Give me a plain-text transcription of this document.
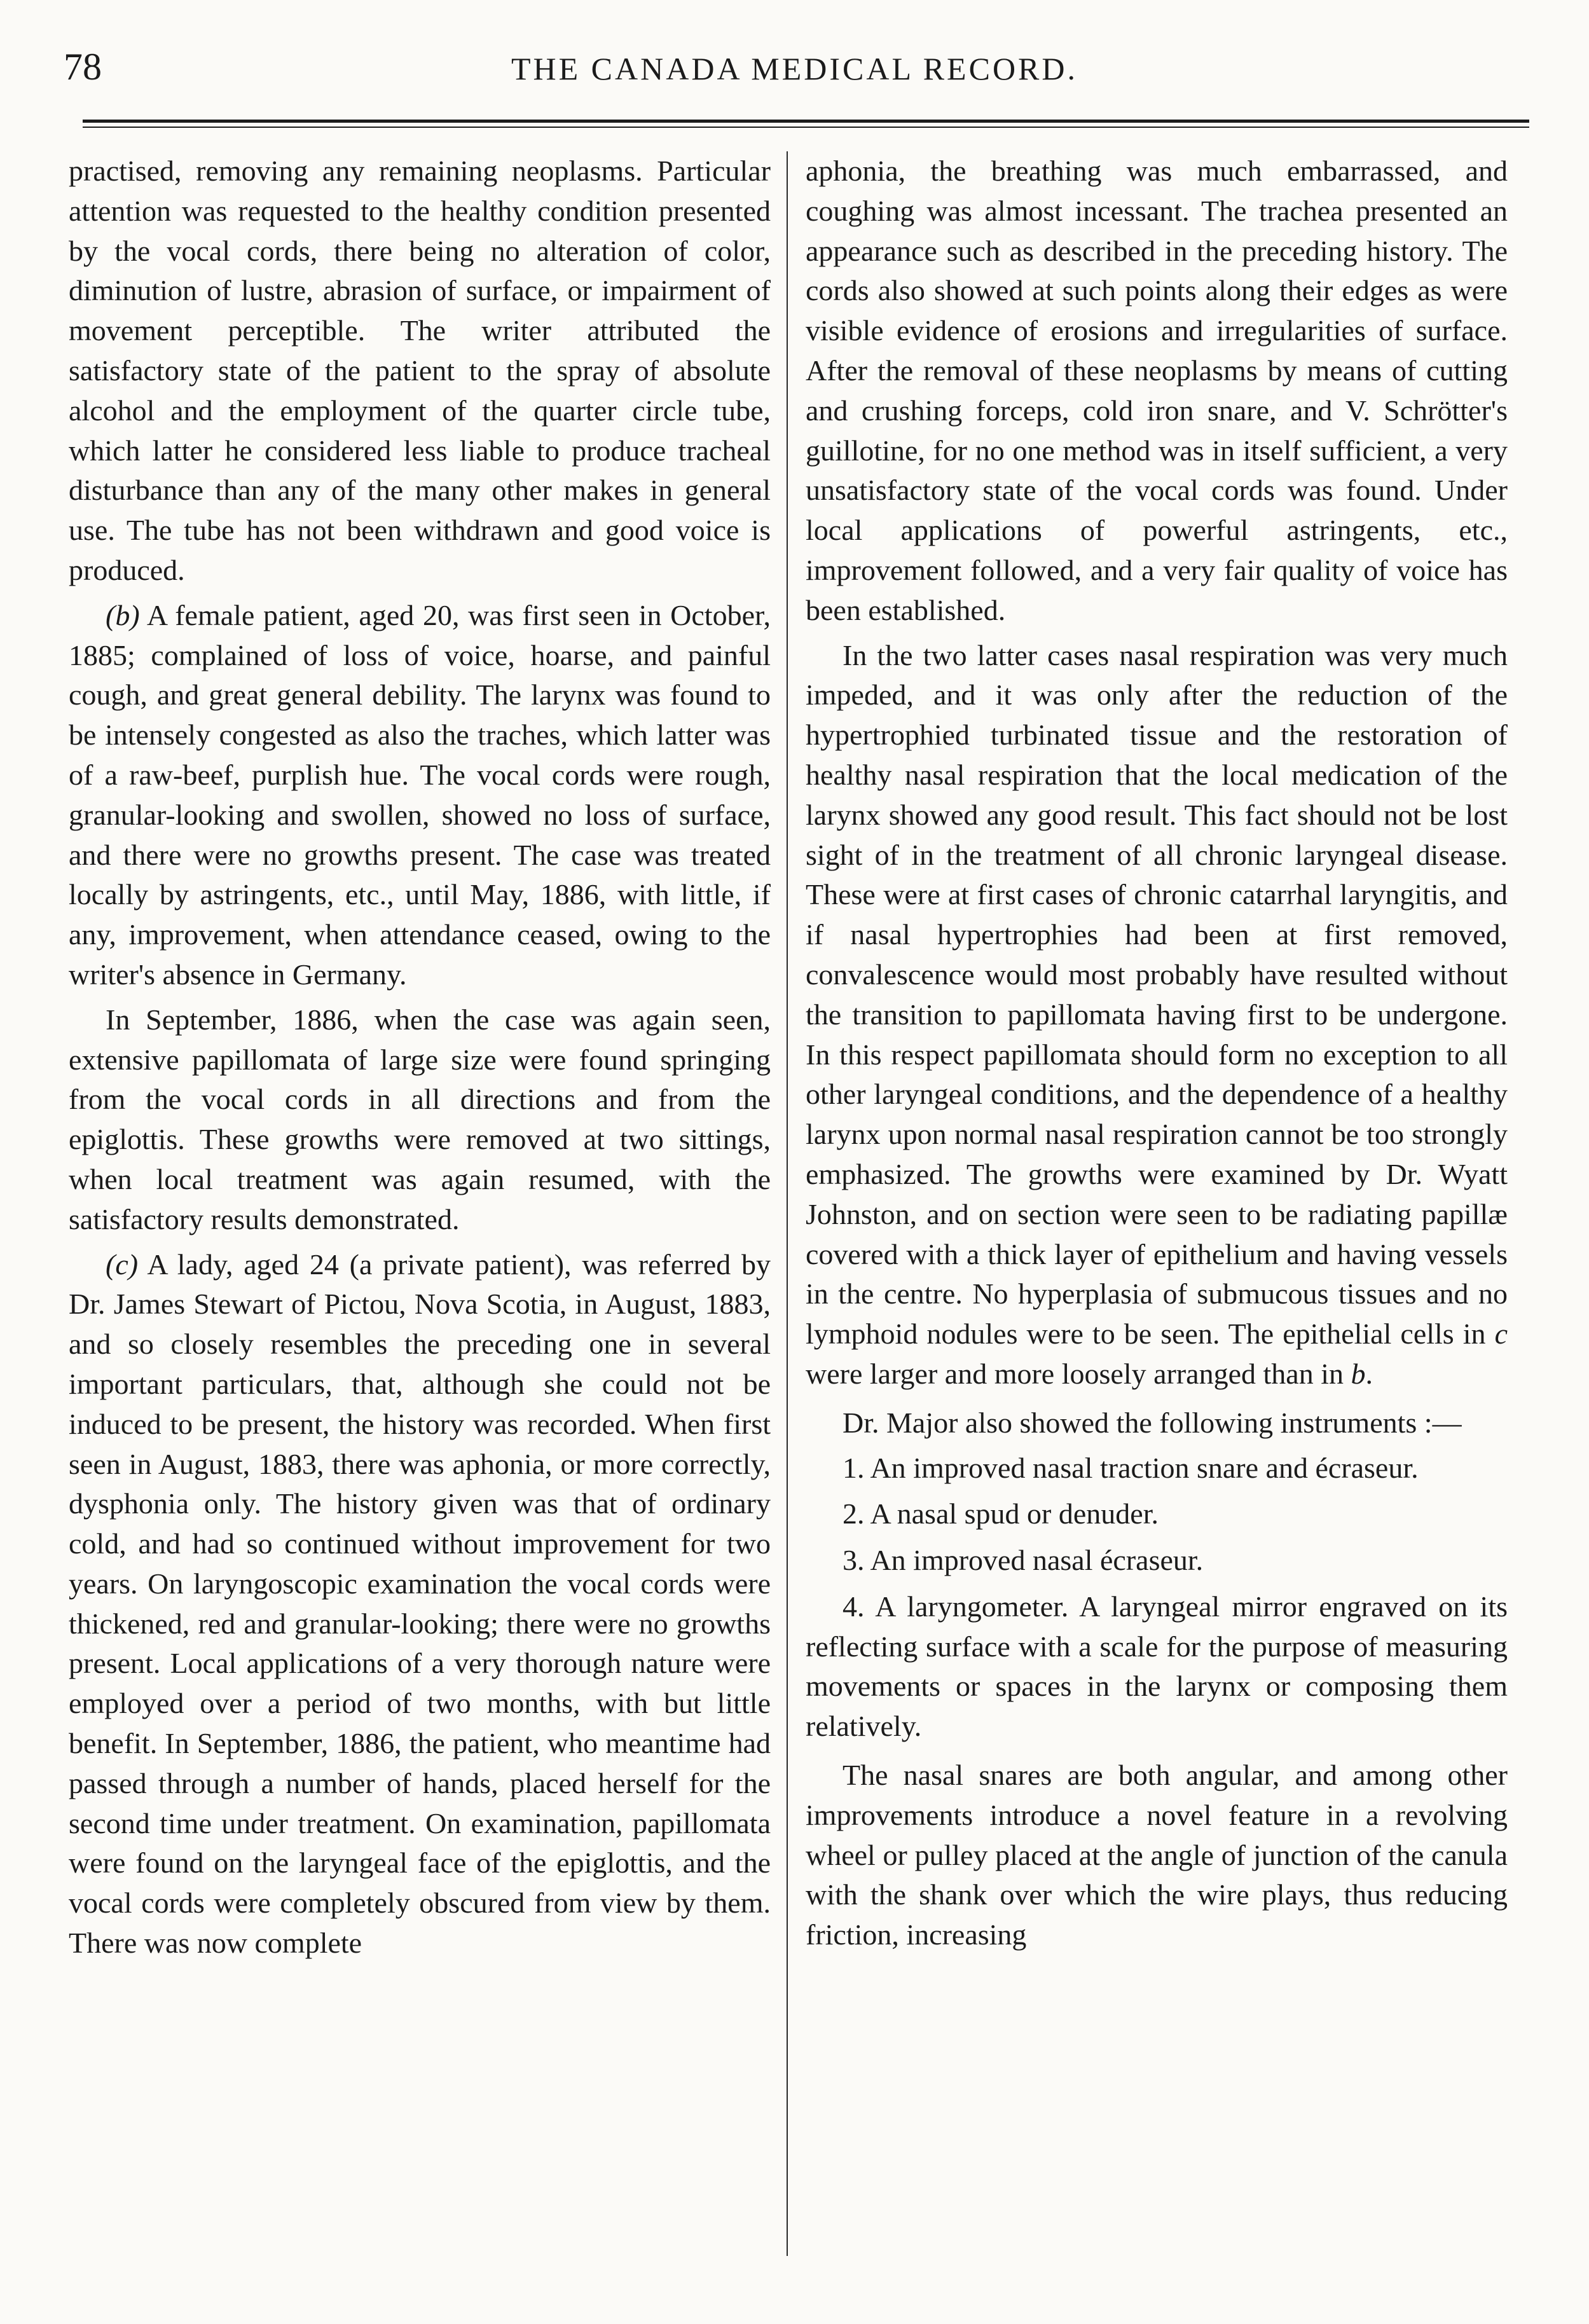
78	THE CANADA MEDICAL RECORD.

practised, removing any remaining neoplasms. Particular attention was requested to the healthy condition presented by the vocal cords, there being no alteration of color, diminution of lustre, abrasion of surface, or impairment of movement perceptible. The writer attributed the satisfactory state of the patient to the spray of absolute alcohol and the employment of the quarter circle tube, which latter he considered less liable to produce tracheal disturbance than any of the many other makes in general use. The tube has not been withdrawn and good voice is produced.

(b) A female patient, aged 20, was first seen in October, 1885; complained of loss of voice, hoarse, and painful cough, and great general debility. The larynx was found to be intensely congested as also the traches, which latter was of a raw-beef, purplish hue. The vocal cords were rough, granular-looking and swollen, showed no loss of surface, and there were no growths present. The case was treated locally by astringents, etc., until May, 1886, with little, if any, improvement, when attendance ceased, owing to the writer's absence in Germany.

In September, 1886, when the case was again seen, extensive papillomata of large size were found springing from the vocal cords in all directions and from the epiglottis. These growths were removed at two sittings, when local treatment was again resumed, with the satisfactory results demonstrated.

(c) A lady, aged 24 (a private patient), was referred by Dr. James Stewart of Pictou, Nova Scotia, in August, 1883, and so closely resembles the preceding one in several important particulars, that, although she could not be induced to be present, the history was recorded. When first seen in August, 1883, there was aphonia, or more correctly, dysphonia only. The history given was that of ordinary cold, and had so continued without improvement for two years. On laryngoscopic examination the vocal cords were thickened, red and granular-looking; there were no growths present. Local applications of a very thorough nature were employed over a period of two months, with but little benefit. In September, 1886, the patient, who meantime had passed through a number of hands, placed herself for the second time under treatment. On examination, papillomata were found on the laryngeal face of the epiglottis, and the vocal cords were completely obscured from view by them. There was now complete

aphonia, the breathing was much embarrassed, and coughing was almost incessant. The trachea presented an appearance such as described in the preceding history. The cords also showed at such points along their edges as were visible evidence of erosions and irregularities of surface. After the removal of these neoplasms by means of cutting and crushing forceps, cold iron snare, and V. Schrötter's guillotine, for no one method was in itself sufficient, a very unsatisfactory state of the vocal cords was found. Under local applications of powerful astringents, etc., improvement followed, and a very fair quality of voice has been established.

In the two latter cases nasal respiration was very much impeded, and it was only after the reduction of the hypertrophied turbinated tissue and the restoration of healthy nasal respiration that the local medication of the larynx showed any good result. This fact should not be lost sight of in the treatment of all chronic laryngeal disease. These were at first cases of chronic catarrhal laryngitis, and if nasal hypertrophies had been at first removed, convalescence would most probably have resulted without the transition to papillomata having first to be undergone. In this respect papillomata should form no exception to all other laryngeal conditions, and the dependence of a healthy larynx upon normal nasal respiration cannot be too strongly emphasized. The growths were examined by Dr. Wyatt Johnston, and on section were seen to be radiating papillæ covered with a thick layer of epithelium and having vessels in the centre. No hyperplasia of submucous tissues and no lymphoid nodules were to be seen. The epithelial cells in c were larger and more loosely arranged than in b.

Dr. Major also showed the following instruments :—

1. An improved nasal traction snare and écraseur.

2. A nasal spud or denuder.

3. An improved nasal écraseur.

4. A laryngometer. A laryngeal mirror engraved on its reflecting surface with a scale for the purpose of measuring movements or spaces in the larynx or composing them relatively.

The nasal snares are both angular, and among other improvements introduce a novel feature in a revolving wheel or pulley placed at the angle of junction of the canula with the shank over which the wire plays, thus reducing friction, increasing
